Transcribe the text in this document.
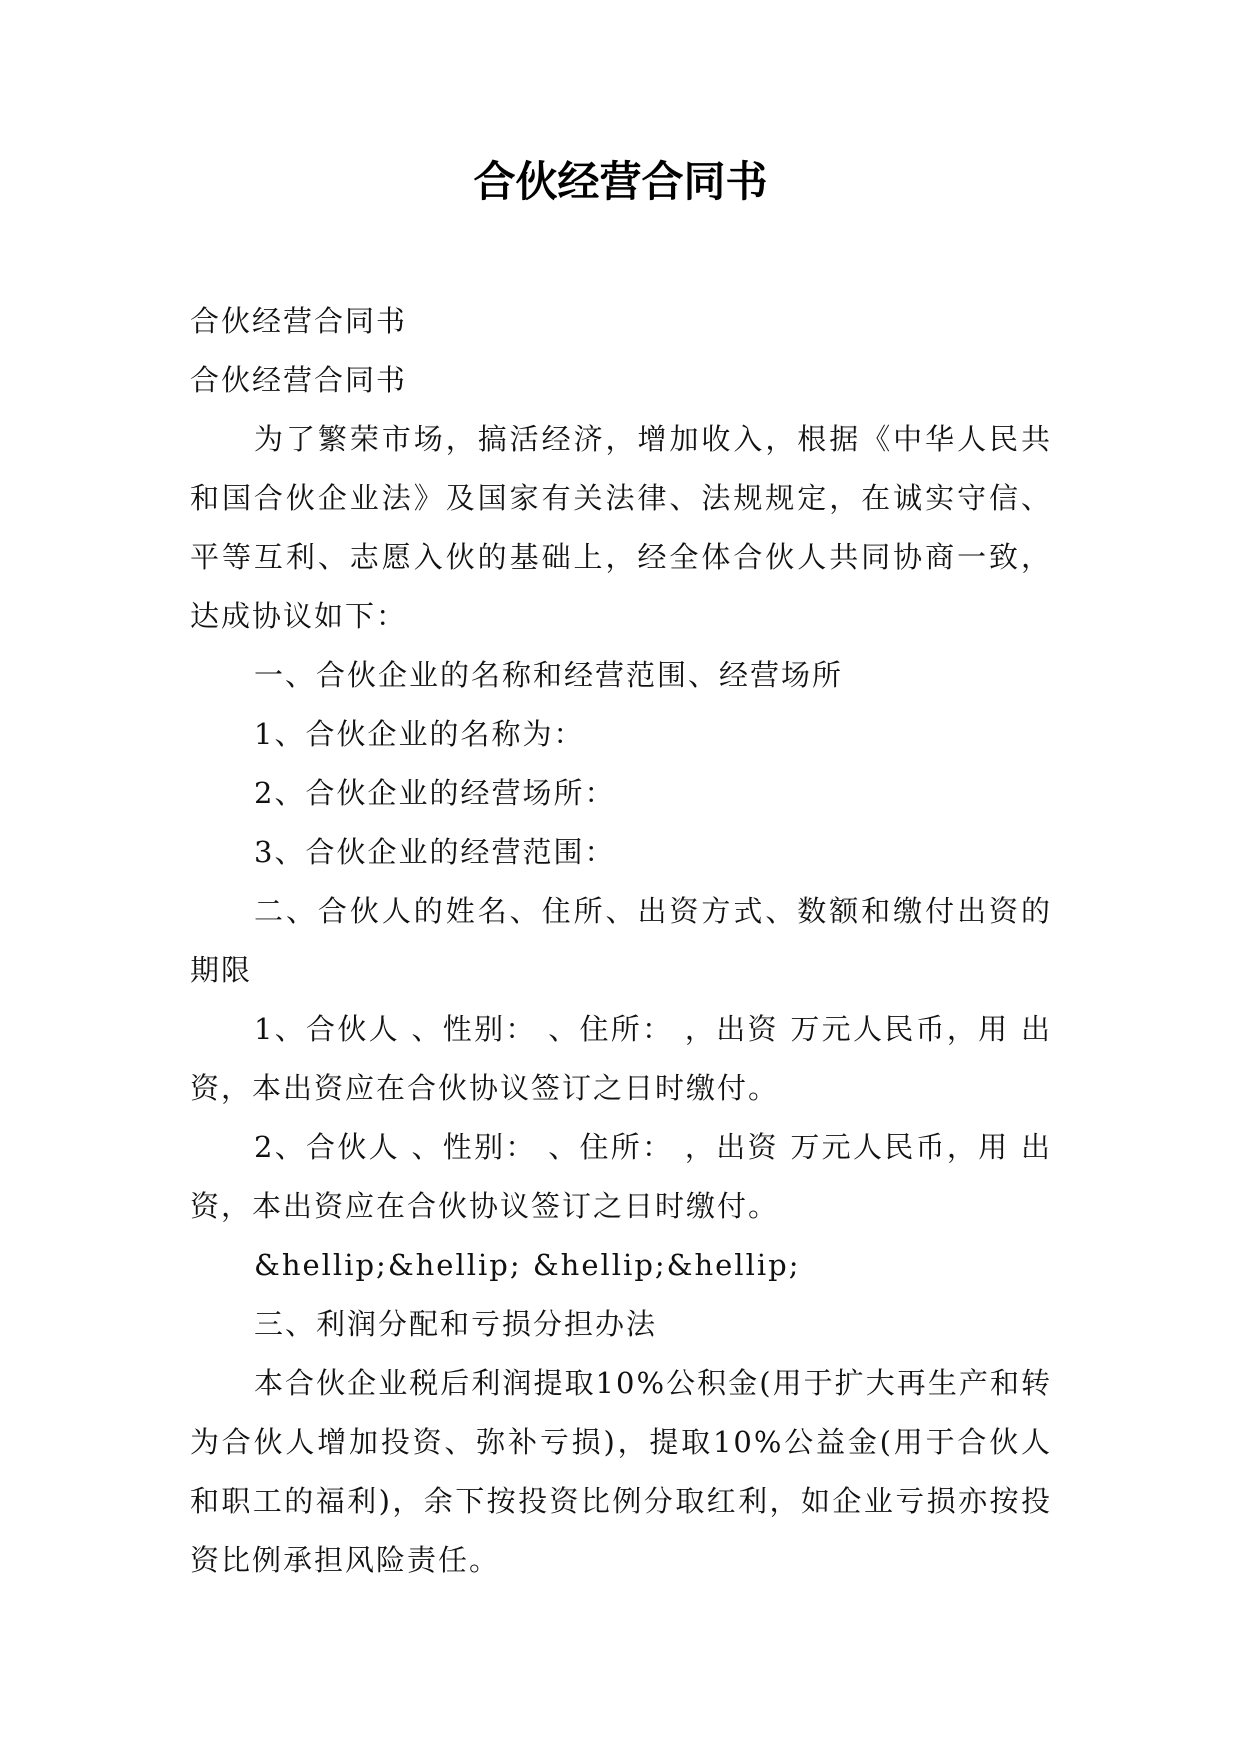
合伙经营合同书

合伙经营合同书

合伙经营合同书

为了繁荣市场，搞活经济，增加收入，根据《中华人民共和国合伙企业法》及国家有关法律、法规规定，在诚实守信、平等互利、志愿入伙的基础上，经全体合伙人共同协商一致，达成协议如下：

一、合伙企业的名称和经营范围、经营场所

1、合伙企业的名称为：

2、合伙企业的经营场所：

3、合伙企业的经营范围：

二、合伙人的姓名、住所、出资方式、数额和缴付出资的期限

1、合伙人 、性别： 、住所： ，出资 万元人民币，用 出资，本出资应在合伙协议签订之日时缴付。

2、合伙人 、性别： 、住所： ，出资 万元人民币，用 出资，本出资应在合伙协议签订之日时缴付。

&hellip;&hellip; &hellip;&hellip;

三、利润分配和亏损分担办法

本合伙企业税后利润提取10%公积金(用于扩大再生产和转为合伙人增加投资、弥补亏损)，提取10%公益金(用于合伙人和职工的福利)，余下按投资比例分取红利，如企业亏损亦按投资比例承担风险责任。
